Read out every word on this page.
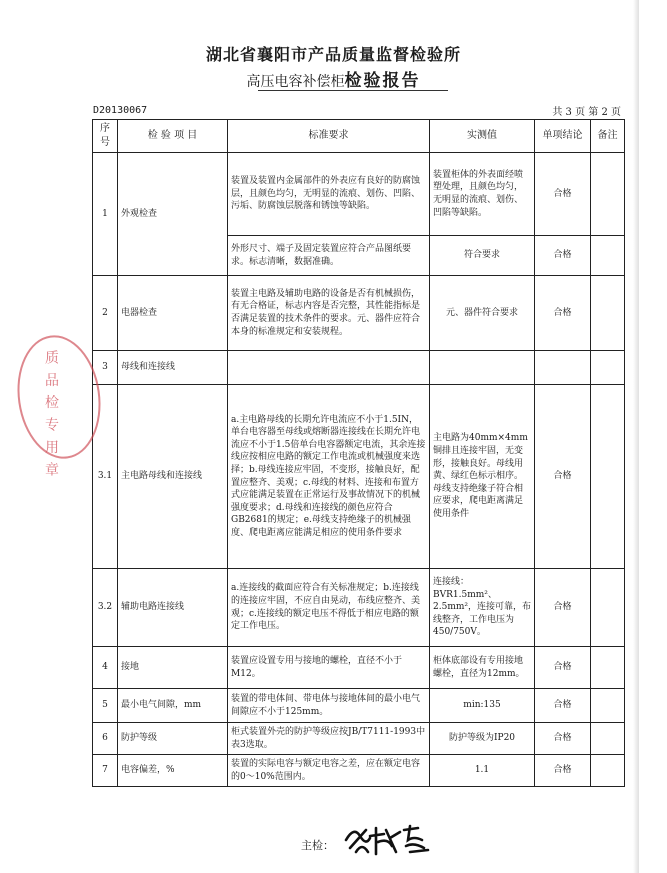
湖北省襄阳市产品质量监督检验所
高压电容补偿柜检验报告
D20130067	共 3 页 第 2 页
序号	检 验 项 目	标准要求	实测值	单项结论	备注
1	外观检查	装置及装置内金属部件的外表应有良好的防腐蚀层，且颜色均匀，无明显的流痕、划伤、凹陷、污垢、防腐蚀层脱落和锈蚀等缺陷。	装置柜体的外表面经喷塑处理，且颜色均匀，无明显的流痕、划伤、凹陷等缺陷。	合格	
		外形尺寸、端子及固定装置应符合产品图纸要求。标志清晰，数据准确。	符合要求	合格	
2	电器检查	装置主电路及辅助电路的设备是否有机械损伤，有无合格证，标志内容是否完整，其性能指标是否满足装置的技术条件的要求。元、器件应符合本身的标准规定和安装规程。	元、器件符合要求	合格	
3	母线和连接线				
3.1	主电路母线和连接线	a.主电路母线的长期允许电流应不小于1.5IN，单台电容器至母线或熔断器连接线在长期允许电流应不小于1.5倍单台电容器额定电流，其余连接线应按相应电路的额定工作电流或机械强度来选择；b.母线连接应牢固，不变形，接触良好，配置应整齐、美观；c.母线的材料、连接和布置方式应能满足装置在正常运行及事故情况下的机械强度要求；d.母线和连接线的颜色应符合GB2681的规定；e.母线支持绝缘子的机械强度、爬电距离应能满足相应的使用条件要求	主电路为40mm×4mm铜排且连接牢固，无变形，接触良好。母线用黄、绿红色标示相序。母线支持绝缘子符合相应要求，爬电距离满足使用条件	合格	
3.2	辅助电路连接线	a.连接线的截面应符合有关标准规定；b.连接线的连接应牢固，不应自由晃动，布线应整齐、美观；c.连接线的额定电压不得低于相应电路的额定工作电压。	连接线：BVR1.5mm²、2.5mm²，连接可靠，布线整齐，工作电压为450/750V。	合格	
4	接地	装置应设置专用与接地的螺栓，直径不小于M12。	柜体底部设有专用接地螺栓，直径为12mm。	合格	
5	最小电气间隙，mm	装置的带电体间、带电体与接地体间的最小电气间隙应不小于125mm。	min:135	合格	
6	防护等级	柜式装置外壳的防护等级应按JB/T7111-1993中表3选取。	防护等级为IP20	合格	
7	电容偏差，%	装置的实际电容与额定电容之差，应在额定电容的0～10%范围内。	1.1	合格	
质 品 检 专 用 章
主检：
